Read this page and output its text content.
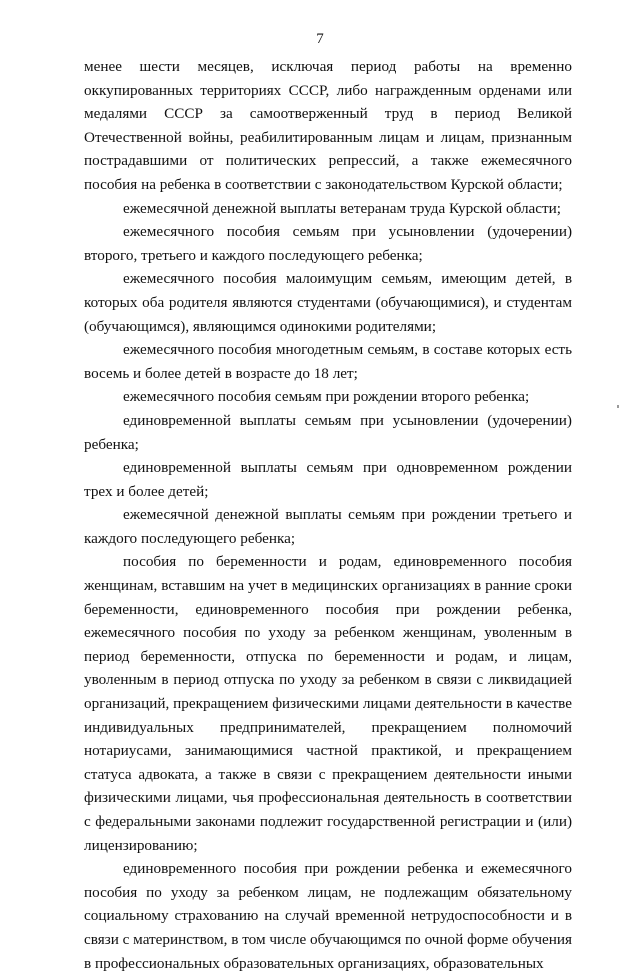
7

менее шести месяцев, исключая период работы на временно оккупированных территориях СССР, либо награжденным орденами или медалями СССР за самоотверженный труд в период Великой Отечественной войны, реабилитированным лицам и лицам, признанным пострадавшими от политических репрессий, а также ежемесячного пособия на ребенка в соответствии с законодательством Курской области;

ежемесячной денежной выплаты ветеранам труда Курской области;

ежемесячного пособия семьям при усыновлении (удочерении) второго, третьего и каждого последующего ребенка;

ежемесячного пособия малоимущим семьям, имеющим детей, в которых оба родителя являются студентами (обучающимися), и студентам (обучающимся), являющимся одинокими родителями;

ежемесячного пособия многодетным семьям, в составе которых есть восемь и более детей в возрасте до 18 лет;

ежемесячного пособия семьям при рождении второго ребенка;

единовременной выплаты семьям при усыновлении (удочерении) ребенка;

единовременной выплаты семьям при одновременном рождении трех и более детей;

ежемесячной денежной выплаты семьям при рождении третьего и каждого последующего ребенка;

пособия по беременности и родам, единовременного пособия женщинам, вставшим на учет в медицинских организациях в ранние сроки беременности, единовременного пособия при рождении ребенка, ежемесячного пособия по уходу за ребенком женщинам, уволенным в период беременности, отпуска по беременности и родам, и лицам, уволенным в период отпуска по уходу за ребенком в связи с ликвидацией организаций, прекращением физическими лицами деятельности в качестве индивидуальных предпринимателей, прекращением полномочий нотариусами, занимающимися частной практикой, и прекращением статуса адвоката, а также в связи с прекращением деятельности иными физическими лицами, чья профессиональная деятельность в соответствии с федеральными законами подлежит государственной регистрации и (или) лицензированию;

единовременного пособия при рождении ребенка и ежемесячного пособия по уходу за ребенком лицам, не подлежащим обязательному социальному страхованию на случай временной нетрудоспособности и в связи с материнством, в том числе обучающимся по очной форме обучения в профессиональных образовательных организациях, образовательных
